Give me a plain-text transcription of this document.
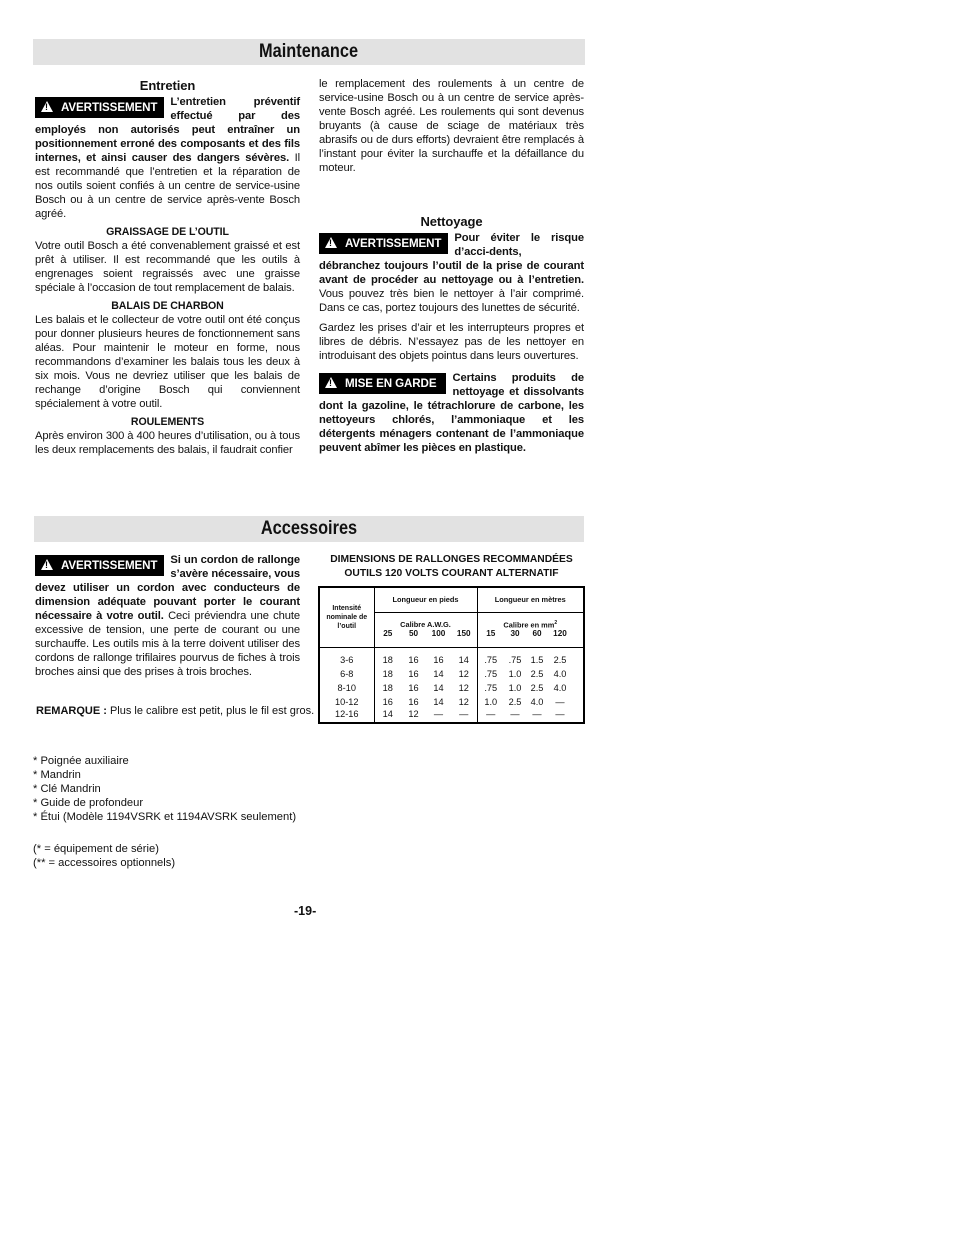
Maintenance
Entretien

!AVERTISSEMENT	L’entretien préventif effectué par des employés non autorisés peut entraîner un positionnement erroné des composants et des fils internes, et ainsi causer des dangers sévères. Il est recommandé que l’entretien et la réparation de nos outils soient confiés à un centre de service-usine Bosch ou à un centre de service après-vente Bosch agréé.

GRAISSAGE DE L’OUTIL

Votre outil Bosch a été convenablement graissé et est prêt à utiliser. Il est recommandé que les outils à engrenages soient regraissés avec une graisse spéciale à l’occasion de tout remplacement de balais.

BALAIS DE CHARBON

Les balais et le collecteur de votre outil ont été conçus pour donner plusieurs heures de fonctionnement sans aléas. Pour maintenir le moteur en forme, nous recommandons d’examiner les balais tous les deux à six mois. Vous ne devriez utiliser que les balais de rechange d’origine Bosch qui conviennent spécialement à votre outil.

ROULEMENTS

Après environ 300 à 400 heures d’utilisation, ou à tous les deux remplacements des balais, il faudrait confier

le remplacement des roulements à un centre de service-usine Bosch ou à un centre de service après-vente Bosch agréé. Les roulements qui sont devenus bruyants (à cause de sciage de matériaux très abrasifs ou de durs efforts) devraient être remplacés à l’instant pour éviter la surchauffe et la défaillance du moteur.

Nettoyage

!AVERTISSEMENT	Pour éviter le risque d’acci-dents, débranchez toujours l’outil de la prise de courant avant de procéder au nettoyage ou à l’entretien. Vous pouvez très bien le nettoyer à l’air comprimé. Dans ce cas, portez toujours des lunettes de sécurité.

Gardez les prises d’air et les interrupteurs propres et libres de débris. N’essayez pas de les nettoyer en introduisant des objets pointus dans leurs ouvertures.

!MISE EN GARDE	Certains produits de nettoyage et dissolvants dont la gazoline, le tétrachlorure de carbone, les nettoyeurs chlorés, l’ammoniaque et les détergents ménagers contenant de l’ammoniaque peuvent abîmer les pièces en plastique.

Accessoires

!AVERTISSEMENT	Si un cordon de rallonge s’avère nécessaire, vous devez utiliser un cordon avec conducteurs de dimension adéquate pouvant porter le courant nécessaire à votre outil. Ceci préviendra une chute excessive de tension, une perte de courant ou une surchauffe. Les outils mis à la terre doivent utiliser des cordons de rallonge trifilaires pourvus de fiches à trois broches ainsi que des prises à trois broches.

REMARQUE : Plus le calibre est petit, plus le fil est gros.
DIMENSIONS DE RALLONGES RECOMMANDÉES
OUTILS 120 VOLTS COURANT ALTERNATIF
Intensité nominale de l’outil	Longueur en pieds				Longueur en mètres				
	Calibre A.W.G.				Calibre en $mm^2$
	25	50	100	150	15	30	60	120	
3-6	18	16	16	14	.75	.75	1.5	2.5	
6-8	18	16	14	12	.75	1.0	2.5	4.0	
8-10	18	16	14	12	.75	1.0	2.5	4.0	
10-12	16	16	14	12	1.0	2.5	4.0	—	
12-16	14	12	—	—	—	—	—	—	
* Poignée auxiliaire
* Mandrin
* Clé Mandrin
* Guide de profondeur
* Étui (Modèle 1194VSRK et 1194AVSRK seulement)
(* = équipement de série)
(** = accessoires optionnels)
-19-
